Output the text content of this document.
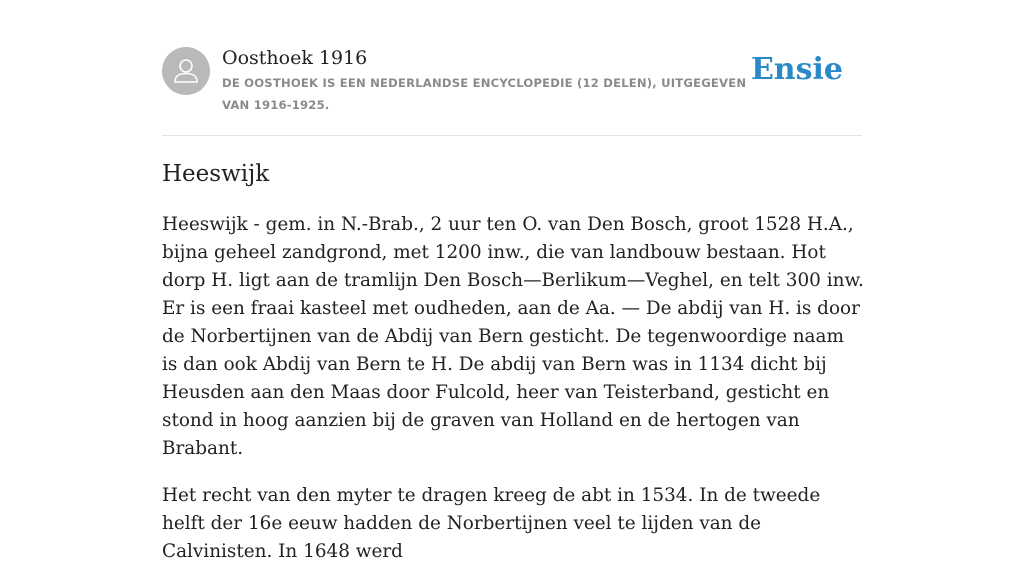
Oosthoek 1916
DE OOSTHOEK IS EEN NEDERLANDSE ENCYCLOPEDIE (12 DELEN), UITGEGEVEN VAN 1916-1925.
Ensie
Heeswijk

Heeswijk - gem. in N.-Brab., 2 uur ten O. van Den Bosch, groot 1528 H.A., bijna geheel zandgrond, met 1200 inw., die van landbouw bestaan. Hot dorp H. ligt aan de tramlijn Den Bosch—Berlikum—Veghel, en telt 300 inw. Er is een fraai kasteel met oudheden, aan de Aa. — De abdij van H. is door de Norbertijnen van de Abdij van Bern gesticht. De tegenwoordige naam is dan ook Abdij van Bern te H. De abdij van Bern was in 1134 dicht bij Heusden aan den Maas door Fulcold, heer van Teisterband, gesticht en stond in hoog aanzien bij de graven van Holland en de hertogen van Brabant.

Het recht van den myter te dragen kreeg de abt in 1534. In de tweede helft der 16e eeuw hadden de Norbertijnen veel te lijden van de Calvinisten. In 1648 werd
